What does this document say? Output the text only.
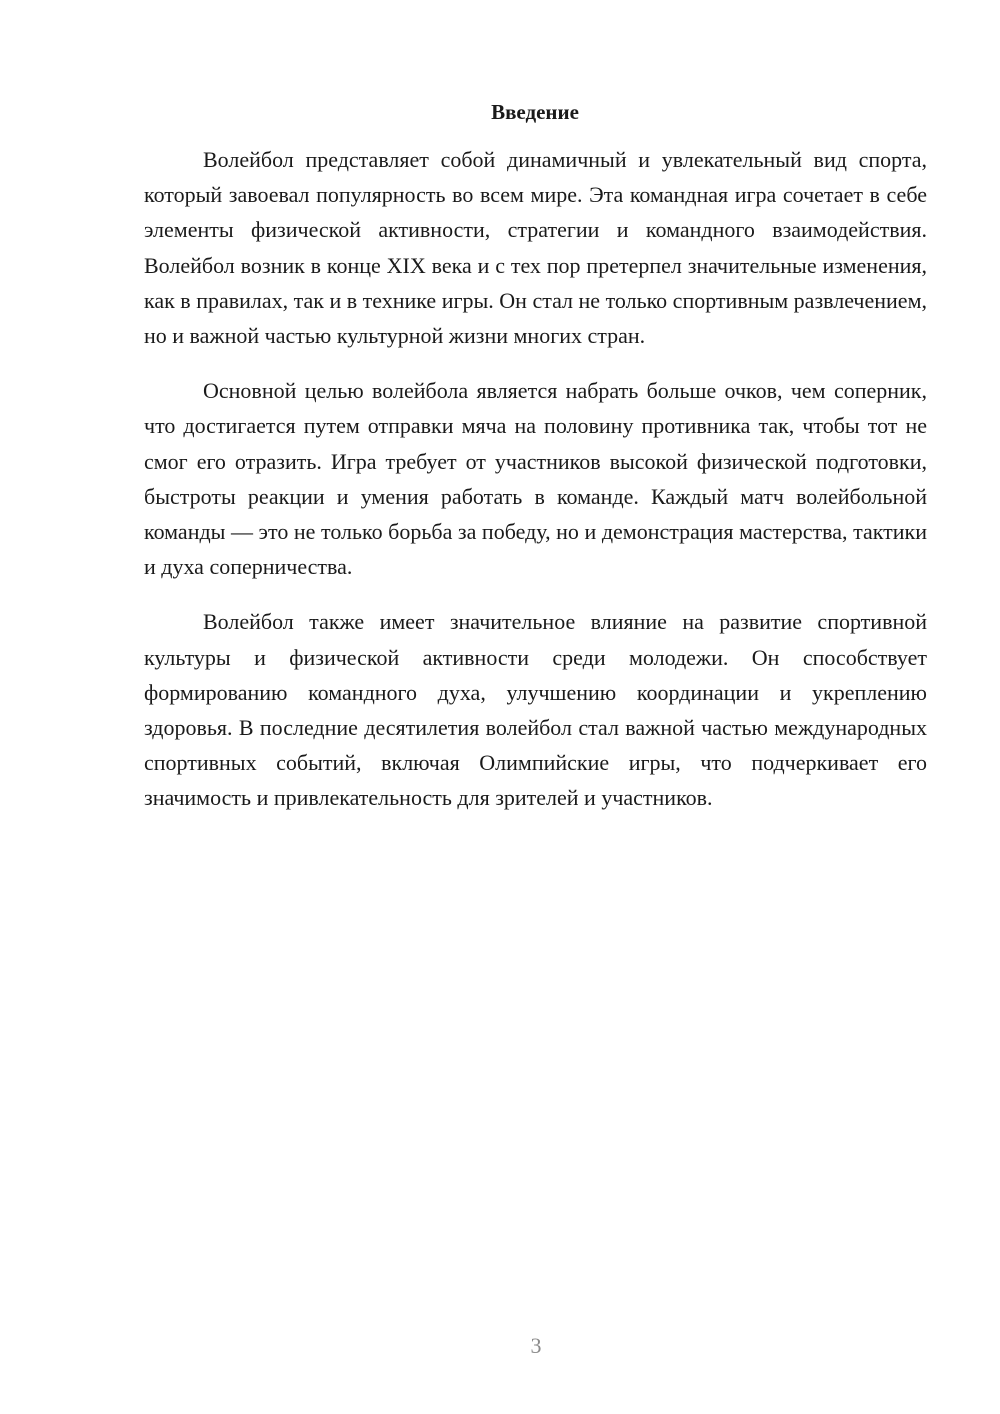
Введение

Волейбол представляет собой динамичный и увлекательный вид спорта, который завоевал популярность во всем мире. Эта командная игра сочетает в себе элементы физической активности, стратегии и командного взаимодействия. Волейбол возник в конце XIX века и с тех пор претерпел значительные изменения, как в правилах, так и в технике игры. Он стал не только спортивным развлечением, но и важной частью культурной жизни многих стран.

Основной целью волейбола является набрать больше очков, чем соперник, что достигается путем отправки мяча на половину противника так, чтобы тот не смог его отразить. Игра требует от участников высокой физической подготовки, быстроты реакции и умения работать в команде. Каждый матч волейбольной команды — это не только борьба за победу, но и демонстрация мастерства, тактики и духа соперничества.

Волейбол также имеет значительное влияние на развитие спортивной культуры и физической активности среди молодежи. Он способствует формированию командного духа, улучшению координации и укреплению здоровья. В последние десятилетия волейбол стал важной частью международных спортивных событий, включая Олимпийские игры, что подчеркивает его значимость и привлекательность для зрителей и участников.

3
